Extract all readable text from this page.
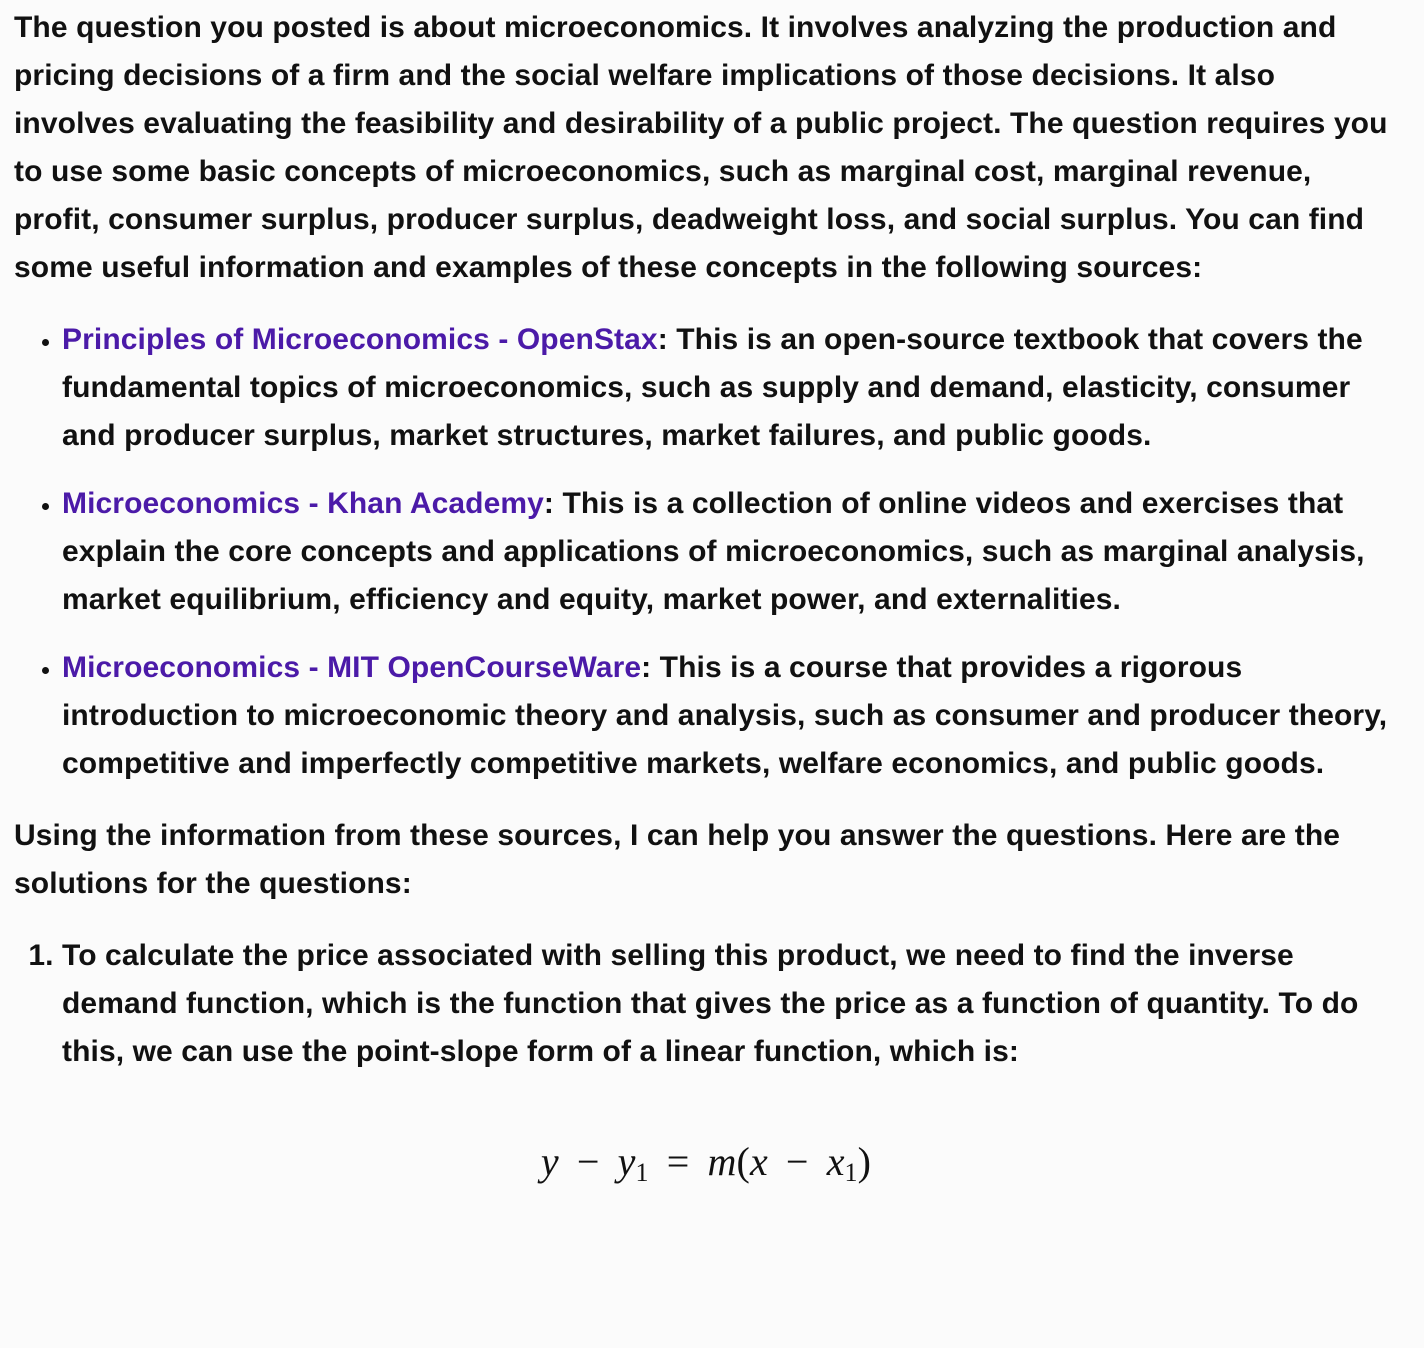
The question you posted is about microeconomics. It involves analyzing the production and pricing decisions of a firm and the social welfare implications of those decisions. It also involves evaluating the feasibility and desirability of a public project. The question requires you to use some basic concepts of microeconomics, such as marginal cost, marginal revenue, profit, consumer surplus, producer surplus, deadweight loss, and social surplus. You can find some useful information and examples of these concepts in the following sources:

• Principles of Microeconomics - OpenStax: This is an open-source textbook that covers the fundamental topics of microeconomics, such as supply and demand, elasticity, consumer and producer surplus, market structures, market failures, and public goods.
• Microeconomics - Khan Academy: This is a collection of online videos and exercises that explain the core concepts and applications of microeconomics, such as marginal analysis, market equilibrium, efficiency and equity, market power, and externalities.
• Microeconomics - MIT OpenCourseWare: This is a course that provides a rigorous introduction to microeconomic theory and analysis, such as consumer and producer theory, competitive and imperfectly competitive markets, welfare economics, and public goods.

Using the information from these sources, I can help you answer the questions. Here are the solutions for the questions:

1. To calculate the price associated with selling this product, we need to find the inverse demand function, which is the function that gives the price as a function of quantity. To do this, we can use the point-slope form of a linear function, which is:
$y - y_1 = m(x - x_1)$
